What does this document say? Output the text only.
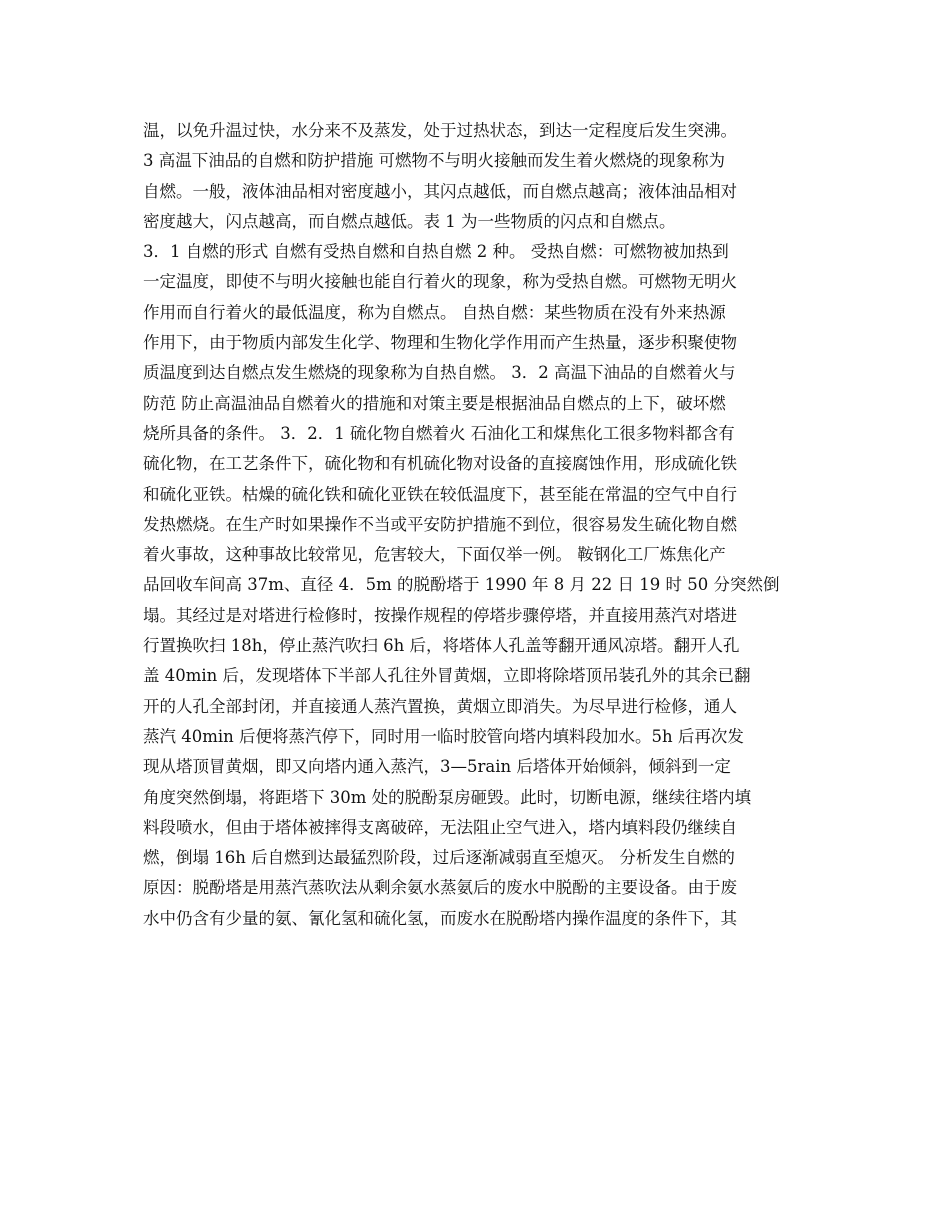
温，以免升温过快，水分来不及蒸发，处于过热状态，到达一定程度后发生突沸。
3 高温下油品的自燃和防护措施 可燃物不与明火接触而发生着火燃烧的现象称为
自燃。一般，液体油品相对密度越小，其闪点越低，而自燃点越高；液体油品相对
密度越大，闪点越高，而自燃点越低。表 1 为一些物质的闪点和自燃点。
3．1 自燃的形式 自燃有受热自燃和自热自燃 2 种。 受热自燃：可燃物被加热到
一定温度，即使不与明火接触也能自行着火的现象，称为受热自燃。可燃物无明火
作用而自行着火的最低温度，称为自燃点。 自热自燃：某些物质在没有外来热源
作用下，由于物质内部发生化学、物理和生物化学作用而产生热量，逐步积聚使物
质温度到达自燃点发生燃烧的现象称为自热自燃。 3．2 高温下油品的自燃着火与
防范 防止高温油品自燃着火的措施和对策主要是根据油品自燃点的上下，破坏燃
烧所具备的条件。 3．2．1 硫化物自燃着火 石油化工和煤焦化工很多物料都含有
硫化物，在工艺条件下，硫化物和有机硫化物对设备的直接腐蚀作用，形成硫化铁
和硫化亚铁。枯燥的硫化铁和硫化亚铁在较低温度下，甚至能在常温的空气中自行
发热燃烧。在生产时如果操作不当或平安防护措施不到位，很容易发生硫化物自燃
着火事故，这种事故比较常见，危害较大，下面仅举一例。 鞍钢化工厂炼焦化产
品回收车间高 37m、直径 4．5m 的脱酚塔于 1990 年 8 月 22 日 19 时 50 分突然倒
塌。其经过是对塔进行检修时，按操作规程的停塔步骤停塔，并直接用蒸汽对塔进
行置换吹扫 18h，停止蒸汽吹扫 6h 后，将塔体人孔盖等翻开通风凉塔。翻开人孔
盖 40min 后，发现塔体下半部人孔往外冒黄烟，立即将除塔顶吊装孔外的其余已翻
开的人孔全部封闭，并直接通人蒸汽置换，黄烟立即消失。为尽早进行检修，通人
蒸汽 40min 后便将蒸汽停下，同时用一临时胶管向塔内填料段加水。5h 后再次发
现从塔顶冒黄烟，即又向塔内通入蒸汽，3—5rain 后塔体开始倾斜，倾斜到一定
角度突然倒塌，将距塔下 30m 处的脱酚泵房砸毁。此时，切断电源，继续往塔内填
料段喷水，但由于塔体被摔得支离破碎，无法阻止空气进入，塔内填料段仍继续自
燃，倒塌 16h 后自燃到达最猛烈阶段，过后逐渐减弱直至熄灭。 分析发生自燃的
原因：脱酚塔是用蒸汽蒸吹法从剩余氨水蒸氨后的废水中脱酚的主要设备。由于废
水中仍含有少量的氨、氰化氢和硫化氢，而废水在脱酚塔内操作温度的条件下，其
